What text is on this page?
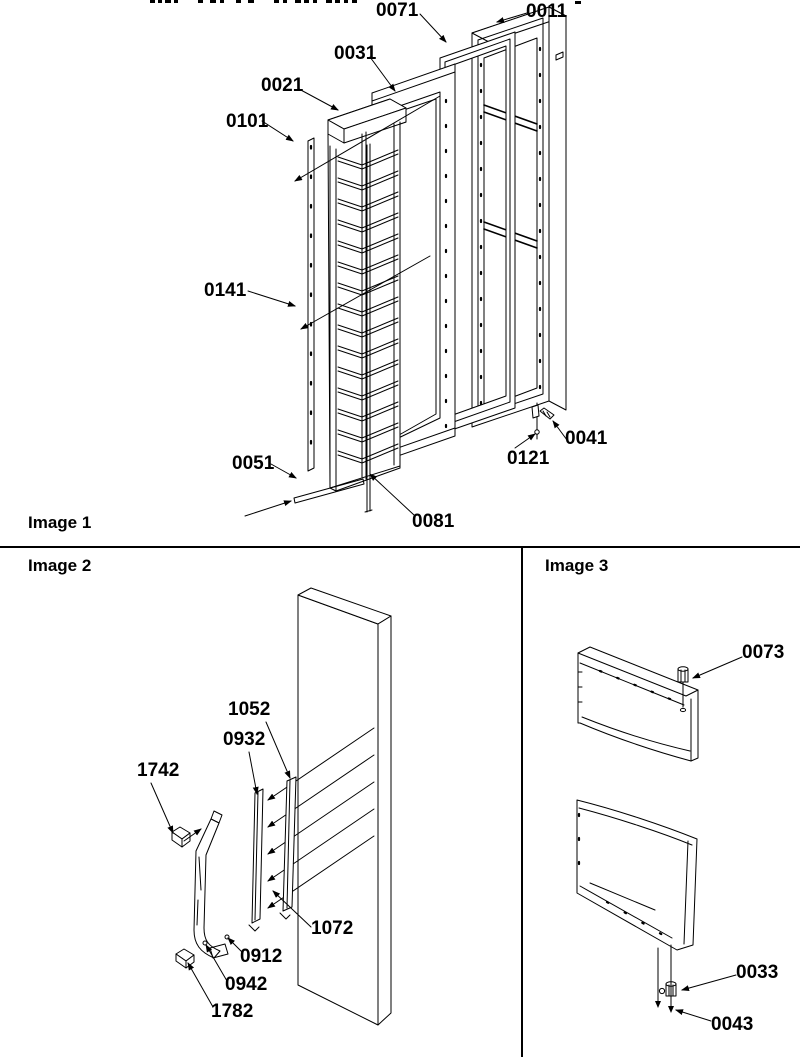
Image 1
Image 2	Image 3
0071	0011
0031
0021
0101
0141
0051
0081
0121
0041
1052
0932
1742
1072
0912
0942
1782
0073
0033
0043
